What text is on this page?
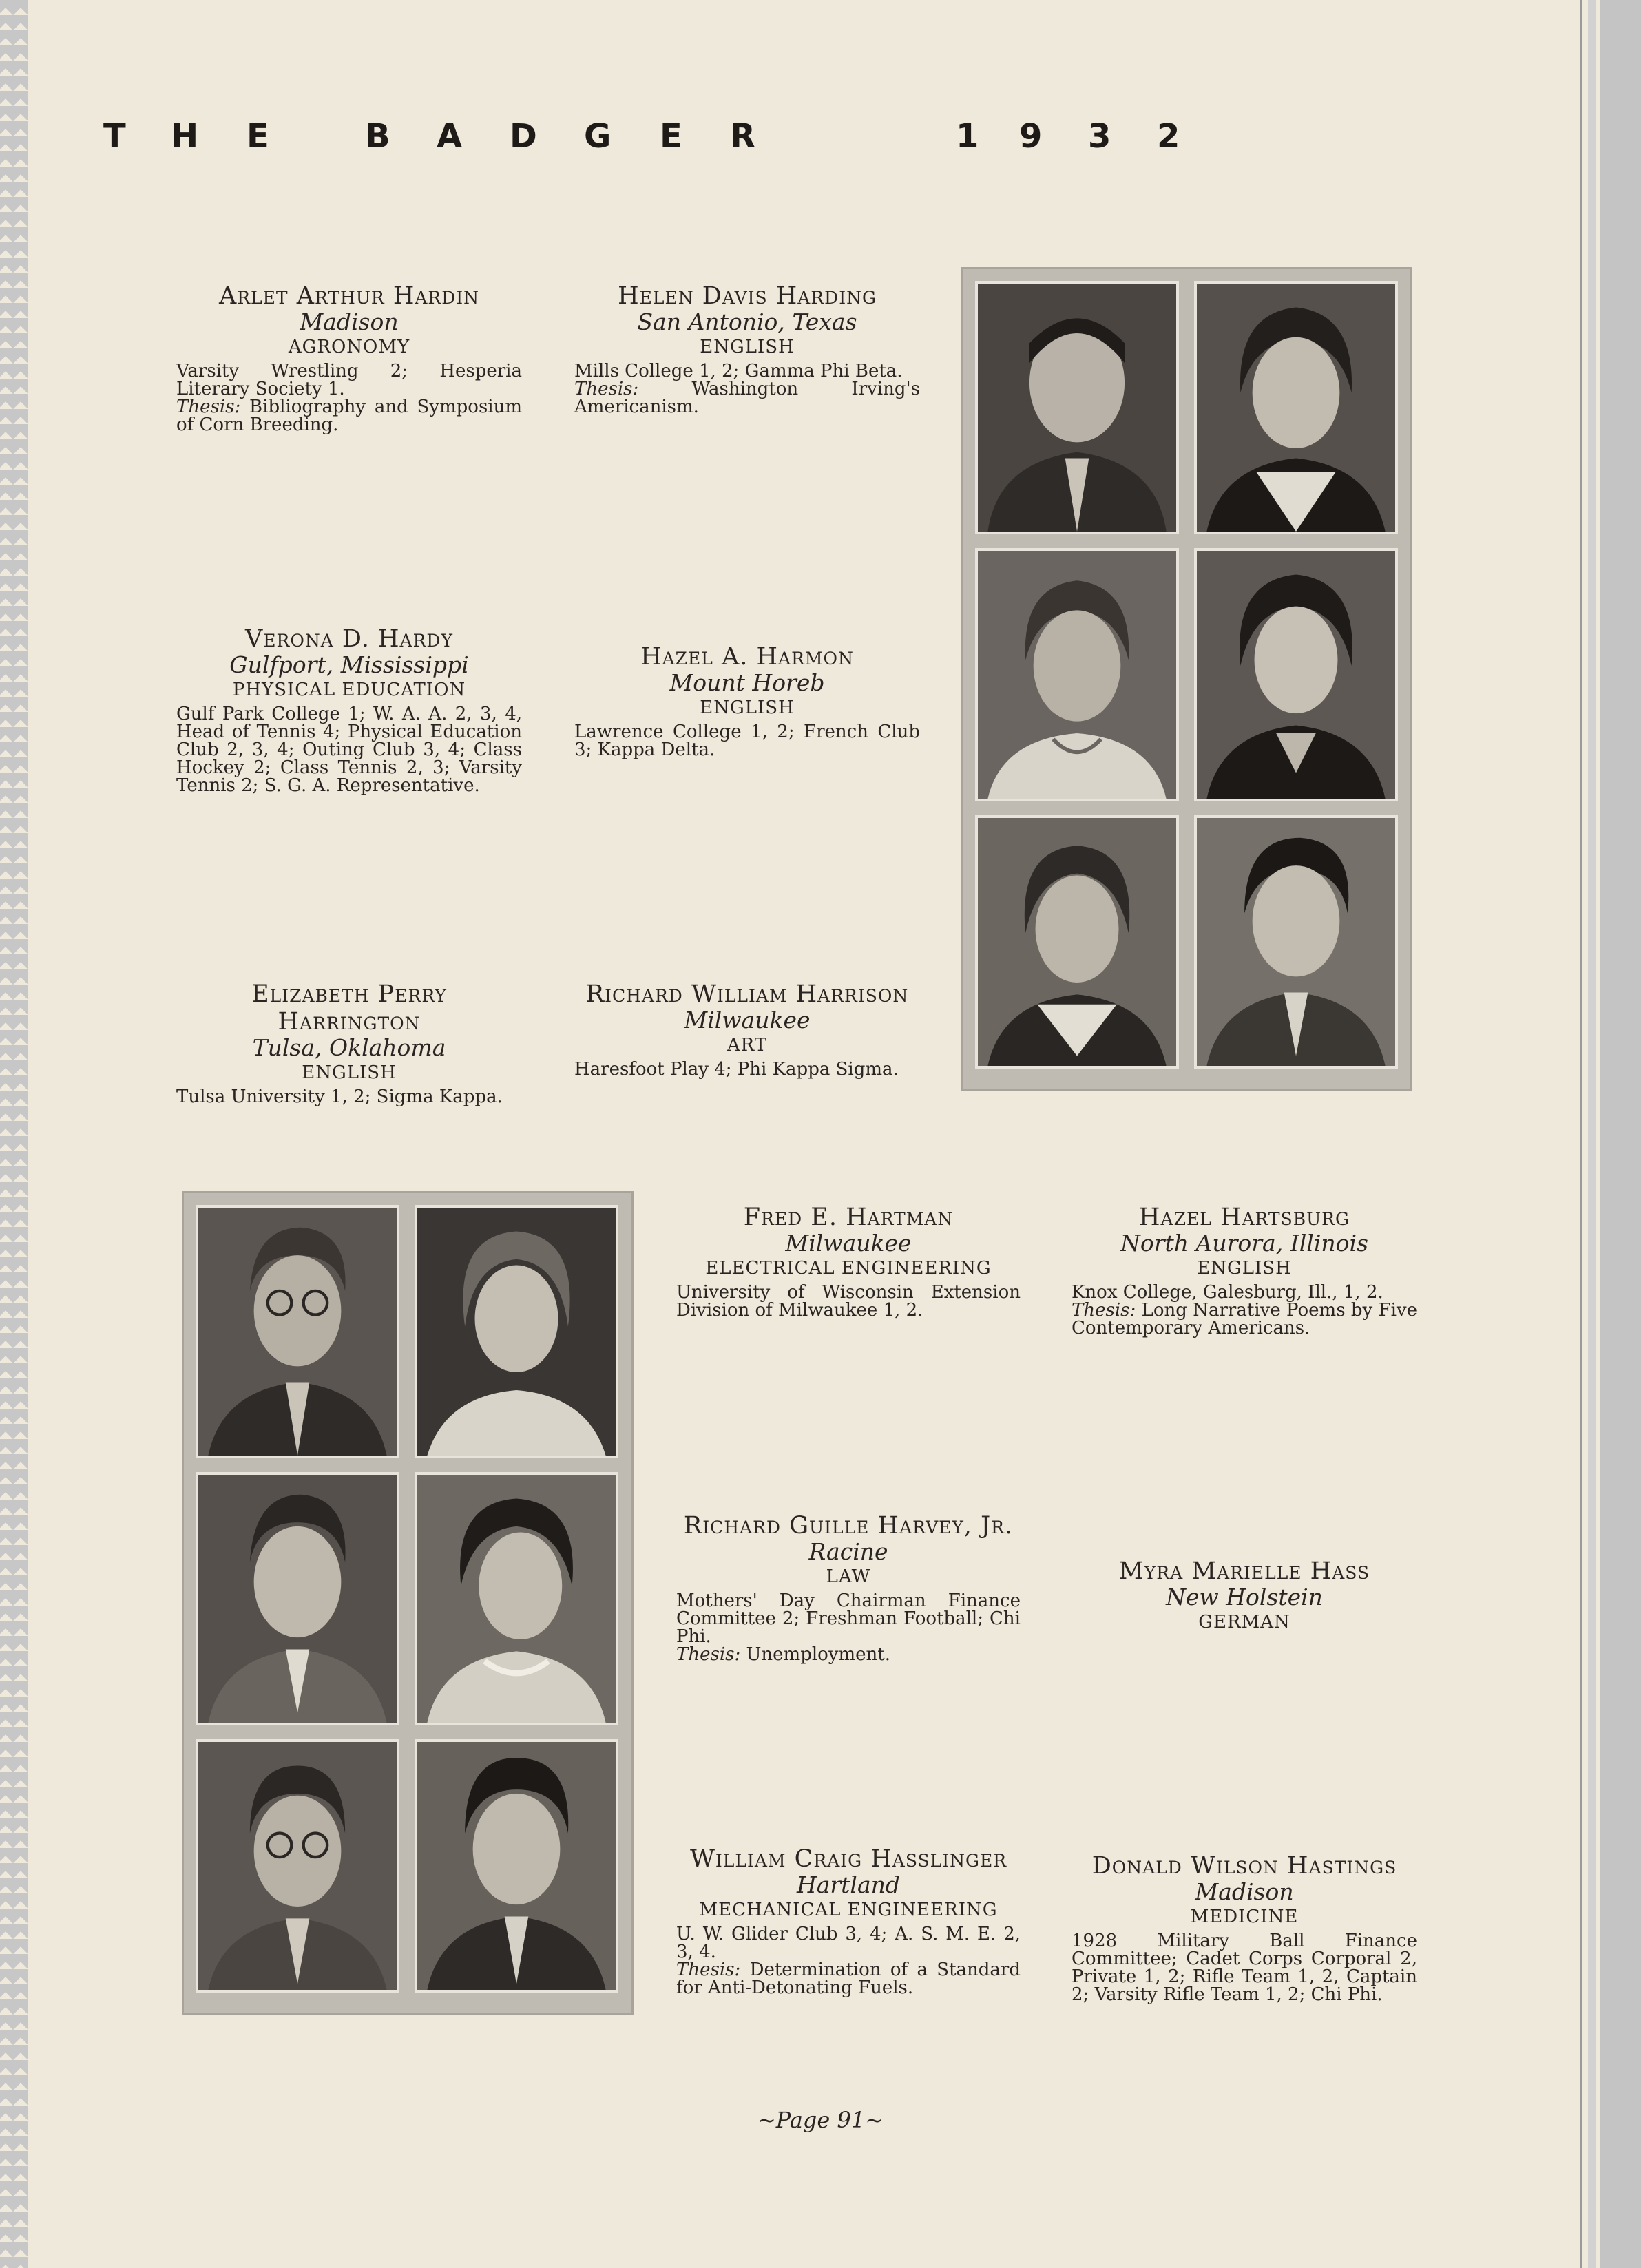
T H E	B A D G E R	1 9 3 2
Arlet Arthur Hardin
Madison
AGRONOMY
Varsity Wrestling 2; Hesperia Literary Society 1.
Thesis: Bibliography and Symposium of Corn Breeding.
Helen Davis Harding
San Antonio, Texas
ENGLISH
Mills College 1, 2; Gamma Phi Beta.
Thesis:	Washington Irving's Americanism.
Verona D. Hardy
Gulfport, Mississippi
PHYSICAL EDUCATION
Gulf Park College 1; W. A. A. 2, 3, 4, Head of Tennis 4; Physical Education Club 2, 3, 4; Outing Club 3, 4; Class Hockey 2; Class Tennis 2, 3; Varsity Tennis 2; S. G. A. Representative.
Hazel A. Harmon
Mount Horeb
ENGLISH
Lawrence College 1, 2; French Club 3; Kappa Delta.
Elizabeth Perry Harrington
Tulsa, Oklahoma
ENGLISH
Tulsa University 1, 2; Sigma Kappa.
Richard William Harrison
Milwaukee
ART
Haresfoot Play 4; Phi Kappa Sigma.
Fred E. Hartman
Milwaukee
ELECTRICAL ENGINEERING
University of Wisconsin Extension Division of Milwaukee 1, 2.
Hazel Hartsburg
North Aurora, Illinois
ENGLISH
Knox College, Galesburg, Ill., 1, 2.
Thesis: Long Narrative Poems by Five Contemporary Americans.
Richard Guille Harvey, Jr.
Racine
LAW
Mothers' Day Chairman Finance Committee 2; Freshman Football; Chi Phi.
Thesis: Unemployment.
Myra Marielle Hass
New Holstein
GERMAN
William Craig Hasslinger
Hartland
MECHANICAL ENGINEERING
U. W. Glider Club 3, 4; A. S. M. E. 2, 3, 4.
Thesis: Determination of a Standard for Anti-Detonating Fuels.
Donald Wilson Hastings
Madison
MEDICINE
1928 Military Ball Finance Committee; Cadet Corps Corporal 2, Private 1, 2; Rifle Team 1, 2, Captain 2; Varsity Rifle Team 1, 2; Chi Phi.
~Page 91~
